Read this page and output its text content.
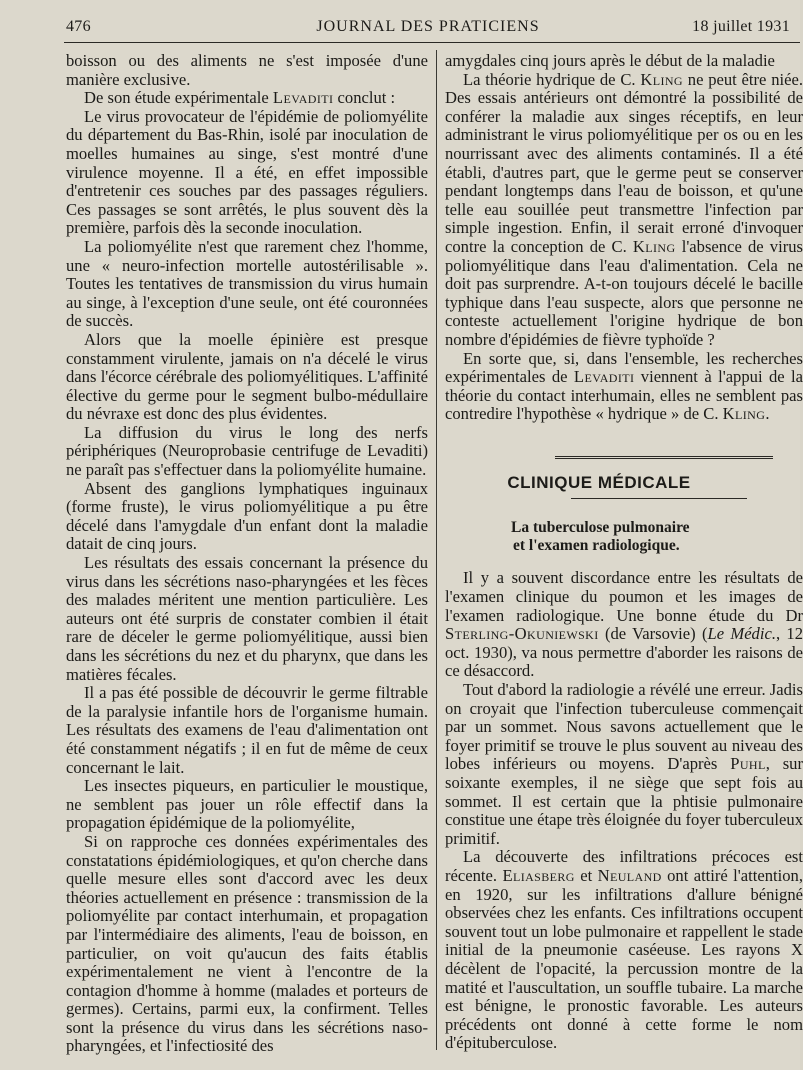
476	JOURNAL DES PRATICIENS	18 juillet 1931

boisson ou des aliments ne s'est imposée d'une manière exclusive.

De son étude expérimentale Levaditi conclut :

Le virus provocateur de l'épidémie de poliomyélite du département du Bas-Rhin, isolé par inoculation de moelles humaines au singe, s'est montré d'une virulence moyenne. Il a été, en effet impossible d'entretenir ces souches par des passages réguliers. Ces passages se sont arrêtés, le plus souvent dès la première, parfois dès la seconde inoculation.

La poliomyélite n'est que rarement chez l'homme, une « neuro-infection mortelle autostérilisable ». Toutes les tentatives de transmission du virus humain au singe, à l'exception d'une seule, ont été couronnées de succès.

Alors que la moelle épinière est presque constamment virulente, jamais on n'a décelé le virus dans l'écorce cérébrale des poliomyélitiques. L'affinité élective du germe pour le segment bulbo-médullaire du névraxe est donc des plus évidentes.

La diffusion du virus le long des nerfs périphériques (Neuroprobasie centrifuge de Levaditi) ne paraît pas s'effectuer dans la poliomyélite humaine.

Absent des ganglions lymphatiques inguinaux (forme fruste), le virus poliomyélitique a pu être décelé dans l'amygdale d'un enfant dont la maladie datait de cinq jours.

Les résultats des essais concernant la présence du virus dans les sécrétions naso-pharyngées et les fèces des malades méritent une mention particulière. Les auteurs ont été surpris de constater combien il était rare de déceler le germe poliomyélitique, aussi bien dans les sécrétions du nez et du pharynx, que dans les matières fécales.

Il a pas été possible de découvrir le germe filtrable de la paralysie infantile hors de l'organisme humain. Les résultats des examens de l'eau d'alimentation ont été constamment négatifs ; il en fut de même de ceux concernant le lait.

Les insectes piqueurs, en particulier le moustique, ne semblent pas jouer un rôle effectif dans la propagation épidémique de la poliomyélite,

Si on rapproche ces données expérimentales des constatations épidémiologiques, et qu'on cherche dans quelle mesure elles sont d'accord avec les deux théories actuellement en présence : transmission de la poliomyélite par contact interhumain, et propagation par l'intermédiaire des aliments, l'eau de boisson, en particulier, on voit qu'aucun des faits établis expérimentalement ne vient à l'encontre de la contagion d'homme à homme (malades et porteurs de germes). Certains, parmi eux, la confirment. Telles sont la présence du virus dans les sécrétions naso-pharyngées, et l'infectiosité des

amygdales cinq jours après le début de la maladie

La théorie hydrique de C. Kling ne peut être niée. Des essais antérieurs ont démontré la possibilité de conférer la maladie aux singes réceptifs, en leur administrant le virus poliomyélitique per os ou en les nourrissant avec des aliments contaminés. Il a été établi, d'autres part, que le germe peut se conserver pendant longtemps dans l'eau de boisson, et qu'une telle eau souillée peut transmettre l'infection par simple ingestion. Enfin, il serait erroné d'invoquer contre la conception de C. Kling l'absence de virus poliomyélitique dans l'eau d'alimentation. Cela ne doit pas surprendre. A-t-on toujours décelé le bacille typhique dans l'eau suspecte, alors que personne ne conteste actuellement l'origine hydrique de bon nombre d'épidémies de fièvre typhoïde ?

En sorte que, si, dans l'ensemble, les recherches expérimentales de Levaditi viennent à l'appui de la théorie du contact interhumain, elles ne semblent pas contredire l'hypothèse « hydrique » de C. Kling.

CLINIQUE MÉDICALE
La tuberculose pulmonaire
et l'examen radiologique.

Il y a souvent discordance entre les résultats de l'examen clinique du poumon et les images de l'examen radiologique. Une bonne étude du Dr Sterling-Okuniewski (de Varsovie) (Le Médic., 12 oct. 1930), va nous permettre d'aborder les raisons de ce désaccord.

Tout d'abord la radiologie a révélé une erreur. Jadis on croyait que l'infection tuberculeuse commençait par un sommet. Nous savons actuellement que le foyer primitif se trouve le plus souvent au niveau des lobes inférieurs ou moyens. D'après Puhl, sur soixante exemples, il ne siège que sept fois au sommet. Il est certain que la phtisie pulmonaire constitue une étape très éloignée du foyer tuberculeux primitif.

La découverte des infiltrations précoces est récente. Eliasberg et Neuland ont attiré l'attention, en 1920, sur les infiltrations d'allure bénigné observées chez les enfants. Ces infiltrations occupent souvent tout un lobe pulmonaire et rappellent le stade initial de la pneumonie caséeuse. Les rayons X décèlent de l'opacité, la percussion montre de la matité et l'auscultation, un souffle tubaire. La marche est bénigne, le pronostic favorable. Les auteurs précédents ont donné à cette forme le nom d'épituberculose.
